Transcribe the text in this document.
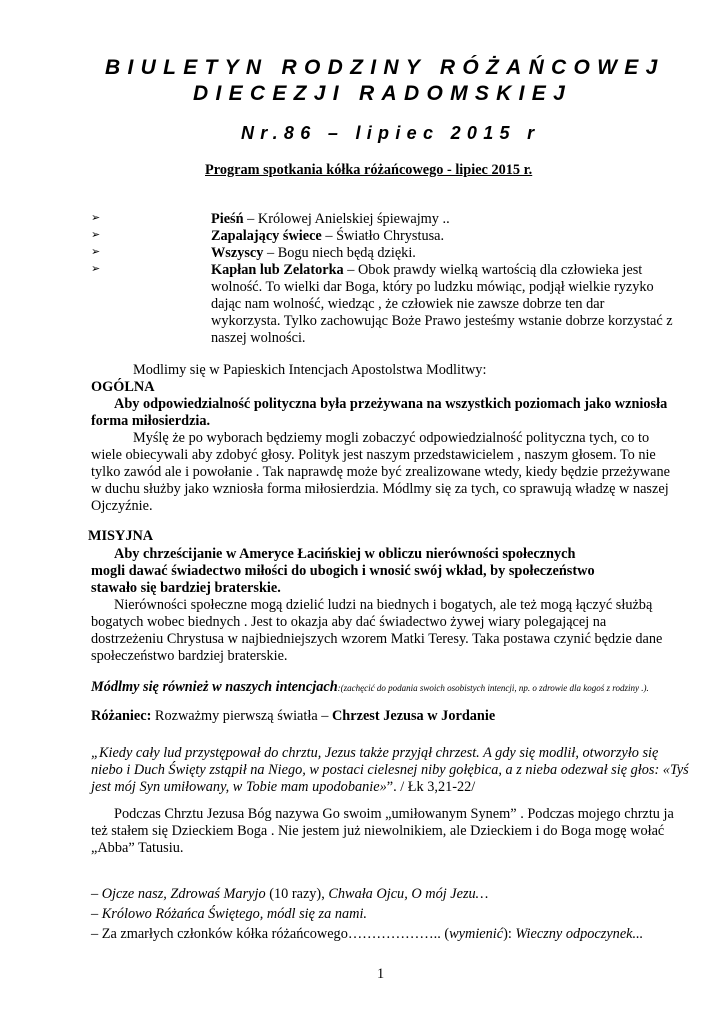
BIULETYN RODZINY RÓŻAŃCOWEJ
DIECEZJI RADOMSKIEJ
Nr.86 – lipiec 2015 r
Program spotkania kółka różańcowego - lipiec 2015 r.
➢	Pieśń – Królowej Anielskiej śpiewajmy ..
➢	Zapalający świece – Światło Chrystusa.
➢	Wszyscy – Bogu niech będą dzięki.
➢	Kapłan lub Zelatorka – Obok prawdy wielką wartością dla człowieka jest
wolność. To wielki dar Boga, który po ludzku mówiąc, podjął wielkie ryzyko
dając nam wolność, wiedząc , że człowiek nie zawsze dobrze ten dar
wykorzysta. Tylko zachowując Boże Prawo jesteśmy wstanie dobrze korzystać z
naszej wolności.
Modlimy się w Papieskich Intencjach Apostolstwa Modlitwy:
OGÓLNA
Aby odpowiedzialność polityczna była przeżywana na wszystkich poziomach jako wzniosła
forma miłosierdzia.
Myślę że po wyborach będziemy mogli zobaczyć odpowiedzialność polityczna tych, co to
wiele obiecywali aby zdobyć głosy. Polityk jest naszym przedstawicielem , naszym głosem. To nie
tylko zawód ale i powołanie . Tak naprawdę może być zrealizowane wtedy, kiedy będzie przeżywane
w duchu służby jako wzniosła forma miłosierdzia. Módlmy się za tych, co sprawują władzę w naszej
Ojczyźnie.
MISYJNA
Aby chrześcijanie w Ameryce Łacińskiej w obliczu nierówności społecznych
mogli dawać świadectwo miłości do ubogich i wnosić swój wkład, by społeczeństwo
stawało się bardziej braterskie.
Nierówności społeczne mogą dzielić ludzi na biednych i bogatych, ale też mogą łączyć służbą
bogatych wobec biednych . Jest to okazja aby dać świadectwo żywej wiary polegającej na
dostrzeżeniu Chrystusa w najbiedniejszych wzorem Matki Teresy. Taka postawa czynić będzie dane
społeczeństwo bardziej braterskie.
Módlmy się również w naszych intencjach:(zachęcić do podania swoich osobistych intencji, np. o zdrowie dla kogoś z rodziny .).
Różaniec: Rozważmy pierwszą światła – Chrzest Jezusa w Jordanie
„Kiedy cały lud przystępował do chrztu, Jezus także przyjął chrzest. A gdy się modlił, otworzyło się
niebo i Duch Święty zstąpił na Niego, w postaci cielesnej niby gołębica, a z nieba odezwał się głos: «Tyś
jest mój Syn umiłowany, w Tobie mam upodobanie»”. / Łk 3,21-22/
Podczas Chrztu Jezusa Bóg nazywa Go swoim „umiłowanym Synem” . Podczas mojego chrztu ja
też stałem się Dzieckiem Boga . Nie jestem już niewolnikiem, ale Dzieckiem i do Boga mogę wołać
„Abba” Tatusiu.
– Ojcze nasz, Zdrowaś Maryjo (10 razy), Chwała Ojcu, O mój Jezu…
– Królowo Różańca Świętego, módl się za nami.
– Za zmarłych członków kółka różańcowego……………….. (wymienić): Wieczny odpoczynek...
1
